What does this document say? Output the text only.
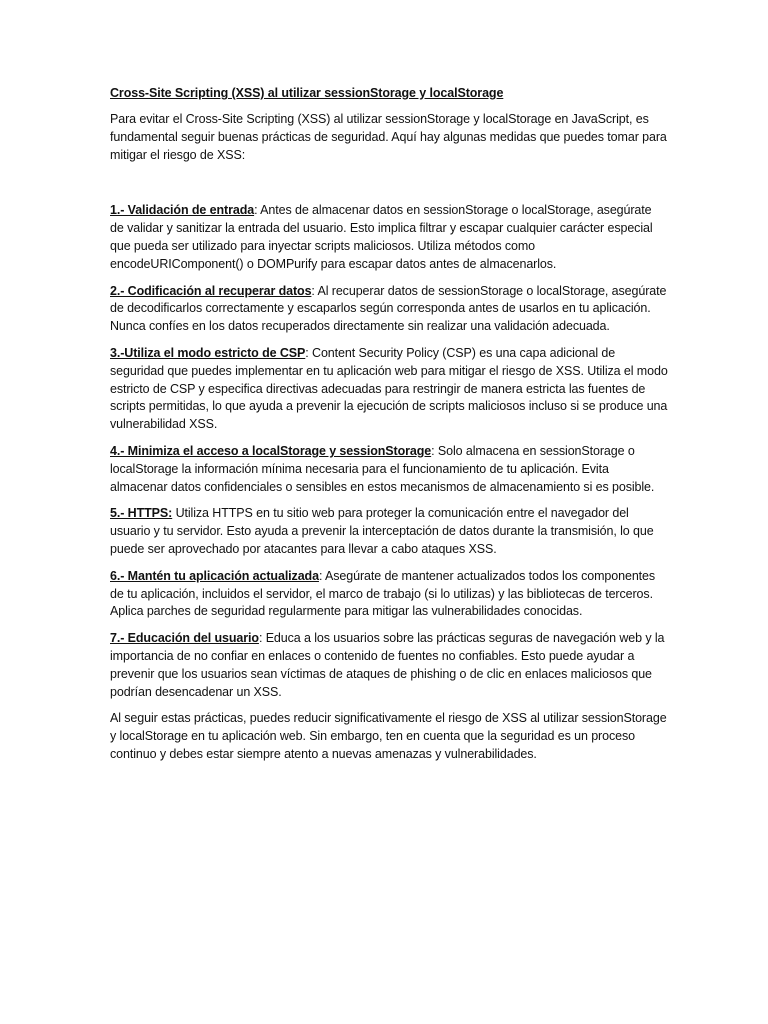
Cross-Site Scripting (XSS) al utilizar sessionStorage y localStorage

Para evitar el Cross-Site Scripting (XSS) al utilizar sessionStorage y localStorage en JavaScript, es fundamental seguir buenas prácticas de seguridad. Aquí hay algunas medidas que puedes tomar para mitigar el riesgo de XSS:

1.- Validación de entrada: Antes de almacenar datos en sessionStorage o localStorage, asegúrate de validar y sanitizar la entrada del usuario. Esto implica filtrar y escapar cualquier carácter especial que pueda ser utilizado para inyectar scripts maliciosos. Utiliza métodos como encodeURIComponent() o DOMPurify para escapar datos antes de almacenarlos.

2.- Codificación al recuperar datos: Al recuperar datos de sessionStorage o localStorage, asegúrate de decodificarlos correctamente y escaparlos según corresponda antes de usarlos en tu aplicación. Nunca confíes en los datos recuperados directamente sin realizar una validación adecuada.

3.-Utiliza el modo estricto de CSP: Content Security Policy (CSP) es una capa adicional de seguridad que puedes implementar en tu aplicación web para mitigar el riesgo de XSS. Utiliza el modo estricto de CSP y especifica directivas adecuadas para restringir de manera estricta las fuentes de scripts permitidas, lo que ayuda a prevenir la ejecución de scripts maliciosos incluso si se produce una vulnerabilidad XSS.

4.- Minimiza el acceso a localStorage y sessionStorage: Solo almacena en sessionStorage o localStorage la información mínima necesaria para el funcionamiento de tu aplicación. Evita almacenar datos confidenciales o sensibles en estos mecanismos de almacenamiento si es posible.

5.- HTTPS: Utiliza HTTPS en tu sitio web para proteger la comunicación entre el navegador del usuario y tu servidor. Esto ayuda a prevenir la interceptación de datos durante la transmisión, lo que puede ser aprovechado por atacantes para llevar a cabo ataques XSS.

6.- Mantén tu aplicación actualizada: Asegúrate de mantener actualizados todos los componentes de tu aplicación, incluidos el servidor, el marco de trabajo (si lo utilizas) y las bibliotecas de terceros. Aplica parches de seguridad regularmente para mitigar las vulnerabilidades conocidas.

7.- Educación del usuario: Educa a los usuarios sobre las prácticas seguras de navegación web y la importancia de no confiar en enlaces o contenido de fuentes no confiables. Esto puede ayudar a prevenir que los usuarios sean víctimas de ataques de phishing o de clic en enlaces maliciosos que podrían desencadenar un XSS.

Al seguir estas prácticas, puedes reducir significativamente el riesgo de XSS al utilizar sessionStorage y localStorage en tu aplicación web. Sin embargo, ten en cuenta que la seguridad es un proceso continuo y debes estar siempre atento a nuevas amenazas y vulnerabilidades.
